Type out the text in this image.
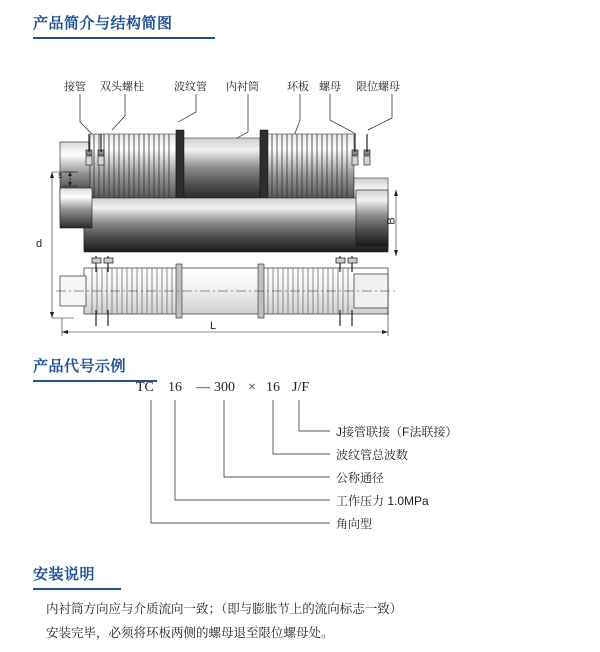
产品简介与结构简图
接管 双头螺柱	波纹管 内衬筒	环板 螺母 限位螺母
s
d
B
L
产品代号示例
TC 16 — 300 × 16 J/F
J接管联接（F法联接）
波纹管总波数
公称通径
工作压力 1.0MPa
角向型
安装说明

内衬筒方向应与介质流向一致；（即与膨胀节上的流向标志一致）

安装完毕，必须将环板两侧的螺母退至限位螺母处。
